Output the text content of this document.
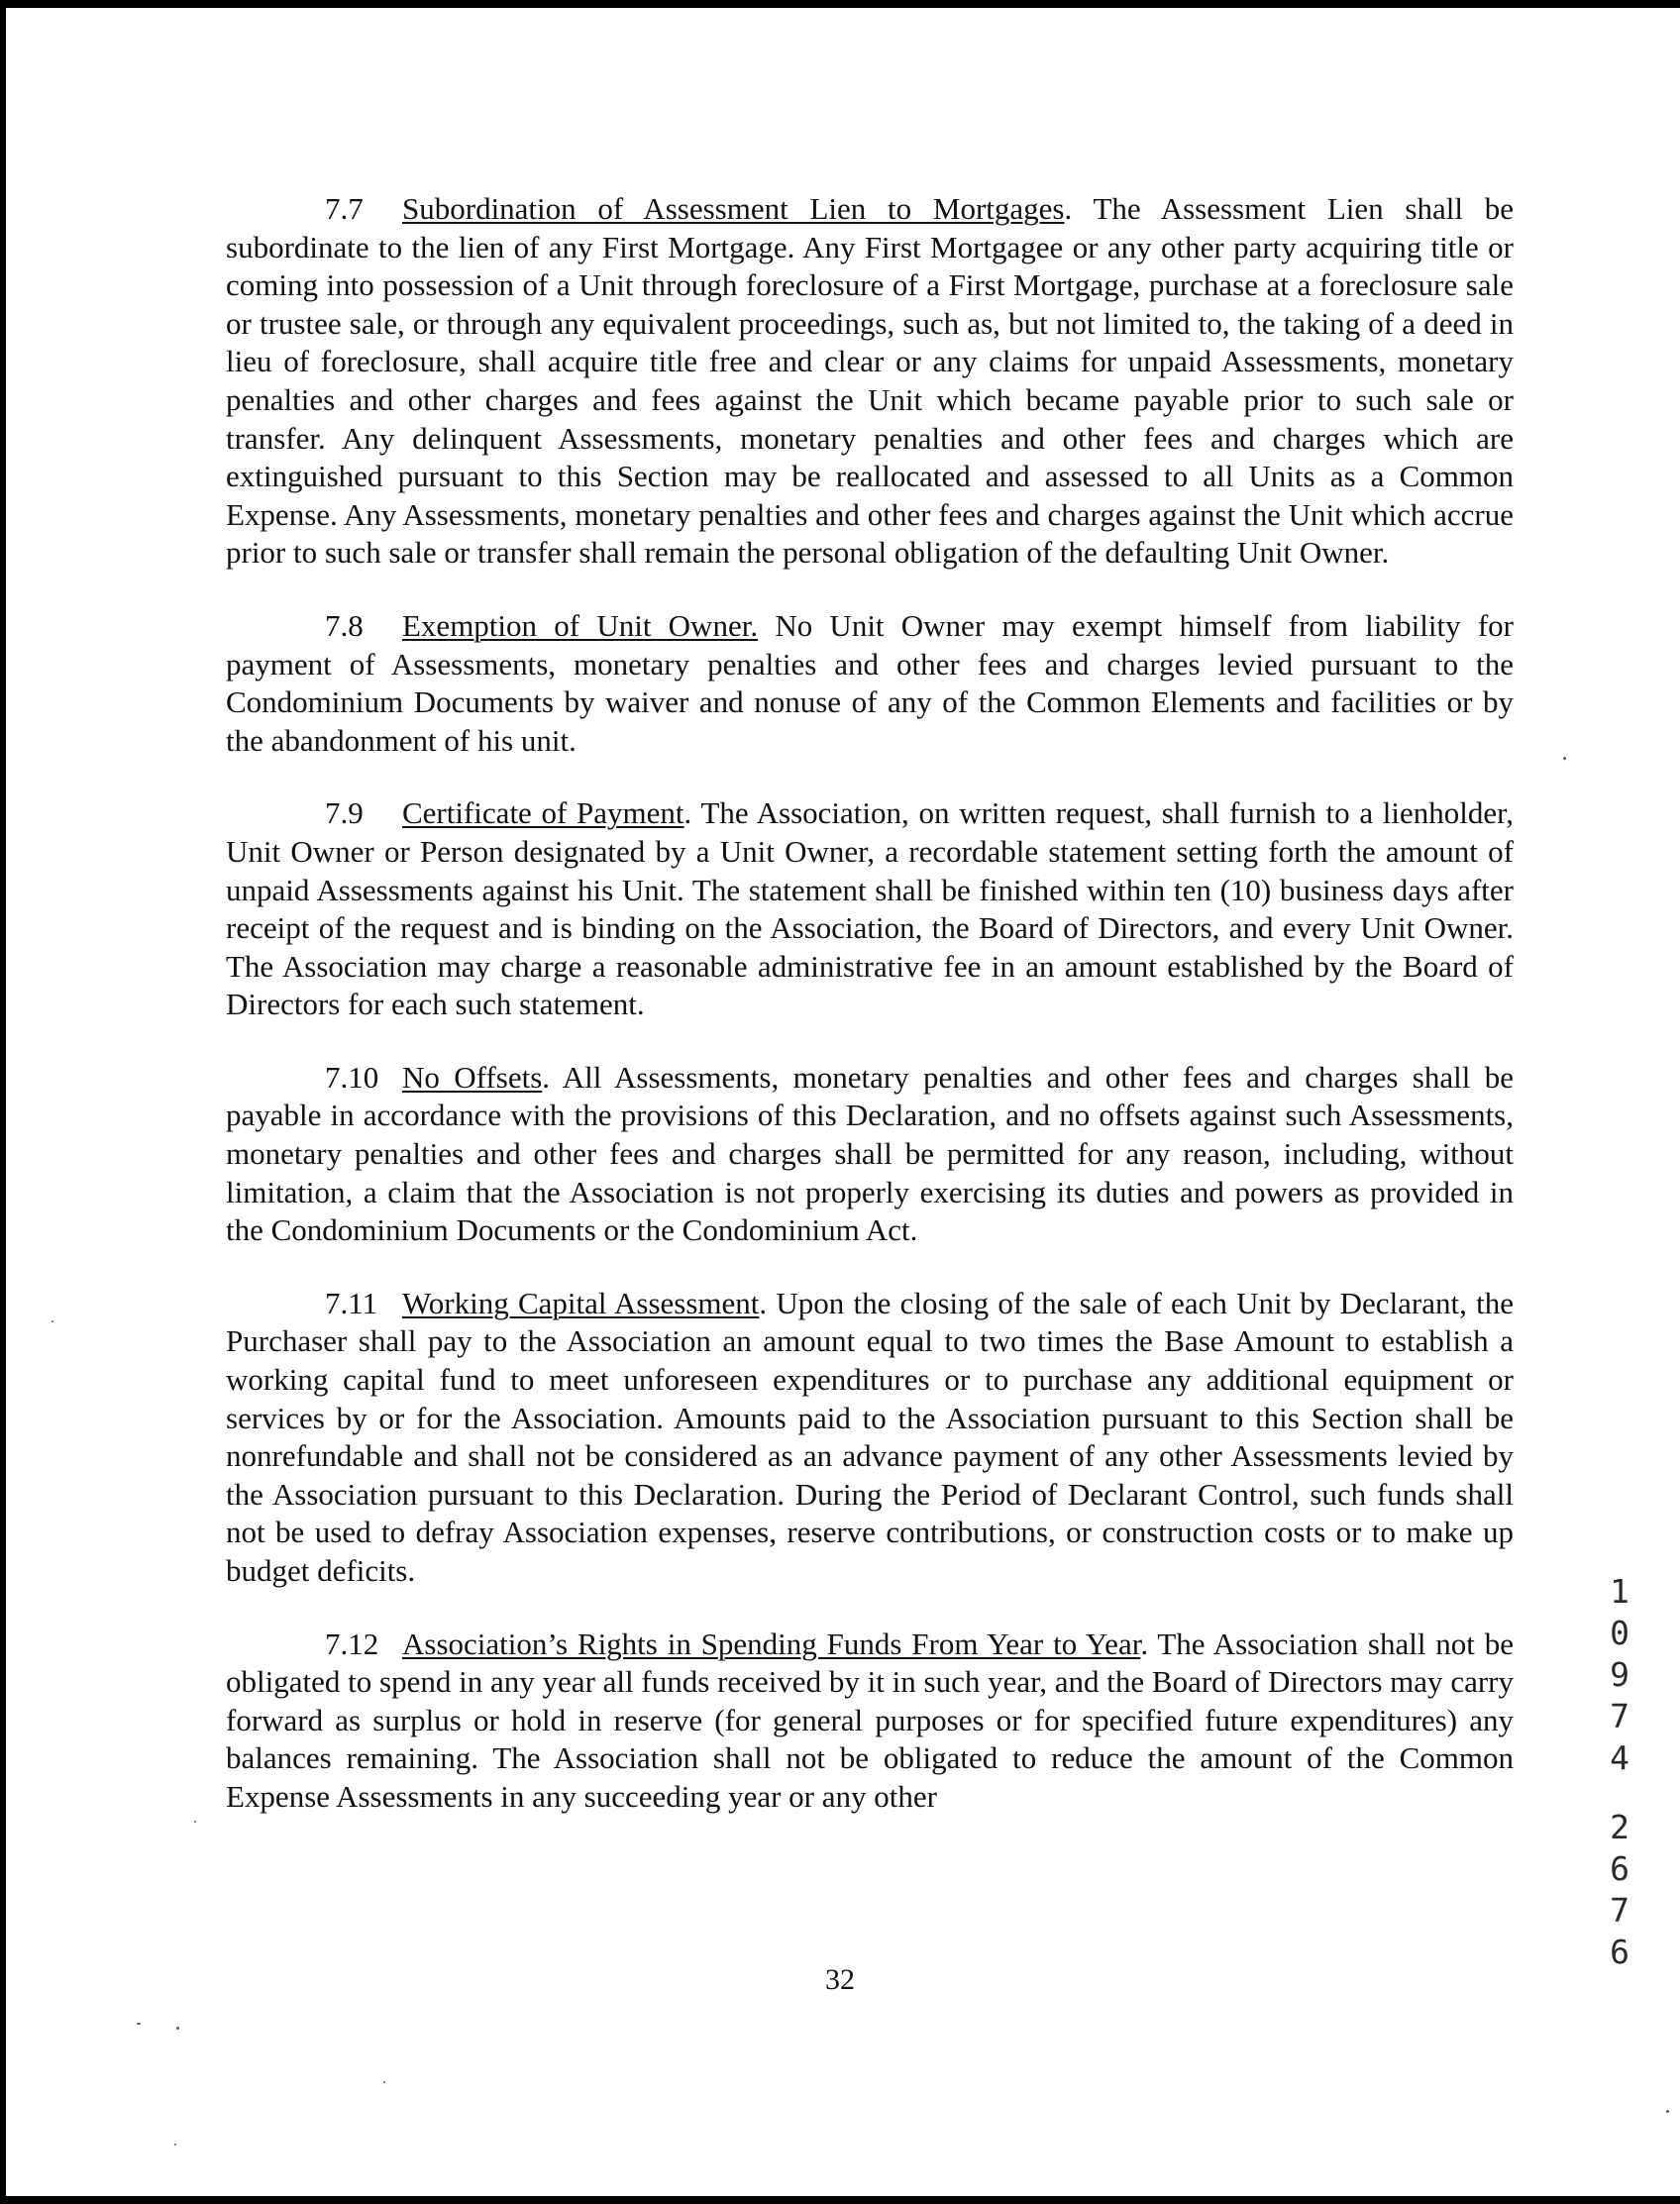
7.7 Subordination of Assessment Lien to Mortgages. The Assessment Lien shall be subordinate to the lien of any First Mortgage. Any First Mortgagee or any other party acquiring title or coming into possession of a Unit through foreclosure of a First Mortgage, purchase at a foreclosure sale or trustee sale, or through any equivalent proceedings, such as, but not limited to, the taking of a deed in lieu of foreclosure, shall acquire title free and clear or any claims for unpaid Assessments, monetary penalties and other charges and fees against the Unit which became payable prior to such sale or transfer. Any delinquent Assessments, monetary penalties and other fees and charges which are extinguished pursuant to this Section may be reallocated and assessed to all Units as a Common Expense. Any Assessments, monetary penalties and other fees and charges against the Unit which accrue prior to such sale or transfer shall remain the personal obligation of the defaulting Unit Owner.

7.8 Exemption of Unit Owner. No Unit Owner may exempt himself from liability for payment of Assessments, monetary penalties and other fees and charges levied pursuant to the Condominium Documents by waiver and nonuse of any of the Common Elements and facilities or by the abandonment of his unit.

7.9 Certificate of Payment. The Association, on written request, shall furnish to a lienholder, Unit Owner or Person designated by a Unit Owner, a recordable statement setting forth the amount of unpaid Assessments against his Unit. The statement shall be finished within ten (10) business days after receipt of the request and is binding on the Association, the Board of Directors, and every Unit Owner. The Association may charge a reasonable administrative fee in an amount established by the Board of Directors for each such statement.

7.10 No Offsets. All Assessments, monetary penalties and other fees and charges shall be payable in accordance with the provisions of this Declaration, and no offsets against such Assessments, monetary penalties and other fees and charges shall be permitted for any reason, including, without limitation, a claim that the Association is not properly exercising its duties and powers as provided in the Condominium Documents or the Condominium Act.

7.11 Working Capital Assessment. Upon the closing of the sale of each Unit by Declarant, the Purchaser shall pay to the Association an amount equal to two times the Base Amount to establish a working capital fund to meet unforeseen expenditures or to purchase any additional equipment or services by or for the Association. Amounts paid to the Association pursuant to this Section shall be nonrefundable and shall not be considered as an advance payment of any other Assessments levied by the Association pursuant to this Declaration. During the Period of Declarant Control, such funds shall not be used to defray Association expenses, reserve contributions, or construction costs or to make up budget deficits.

7.12 Association’s Rights in Spending Funds From Year to Year. The Association shall not be obligated to spend in any year all funds received by it in such year, and the Board of Directors may carry forward as surplus or hold in reserve (for general purposes or for specified future expenditures) any balances remaining. The Association shall not be obligated to reduce the amount of the Common Expense Assessments in any succeeding year or any other

32
1
0
9
7
4
2
6
7
6
